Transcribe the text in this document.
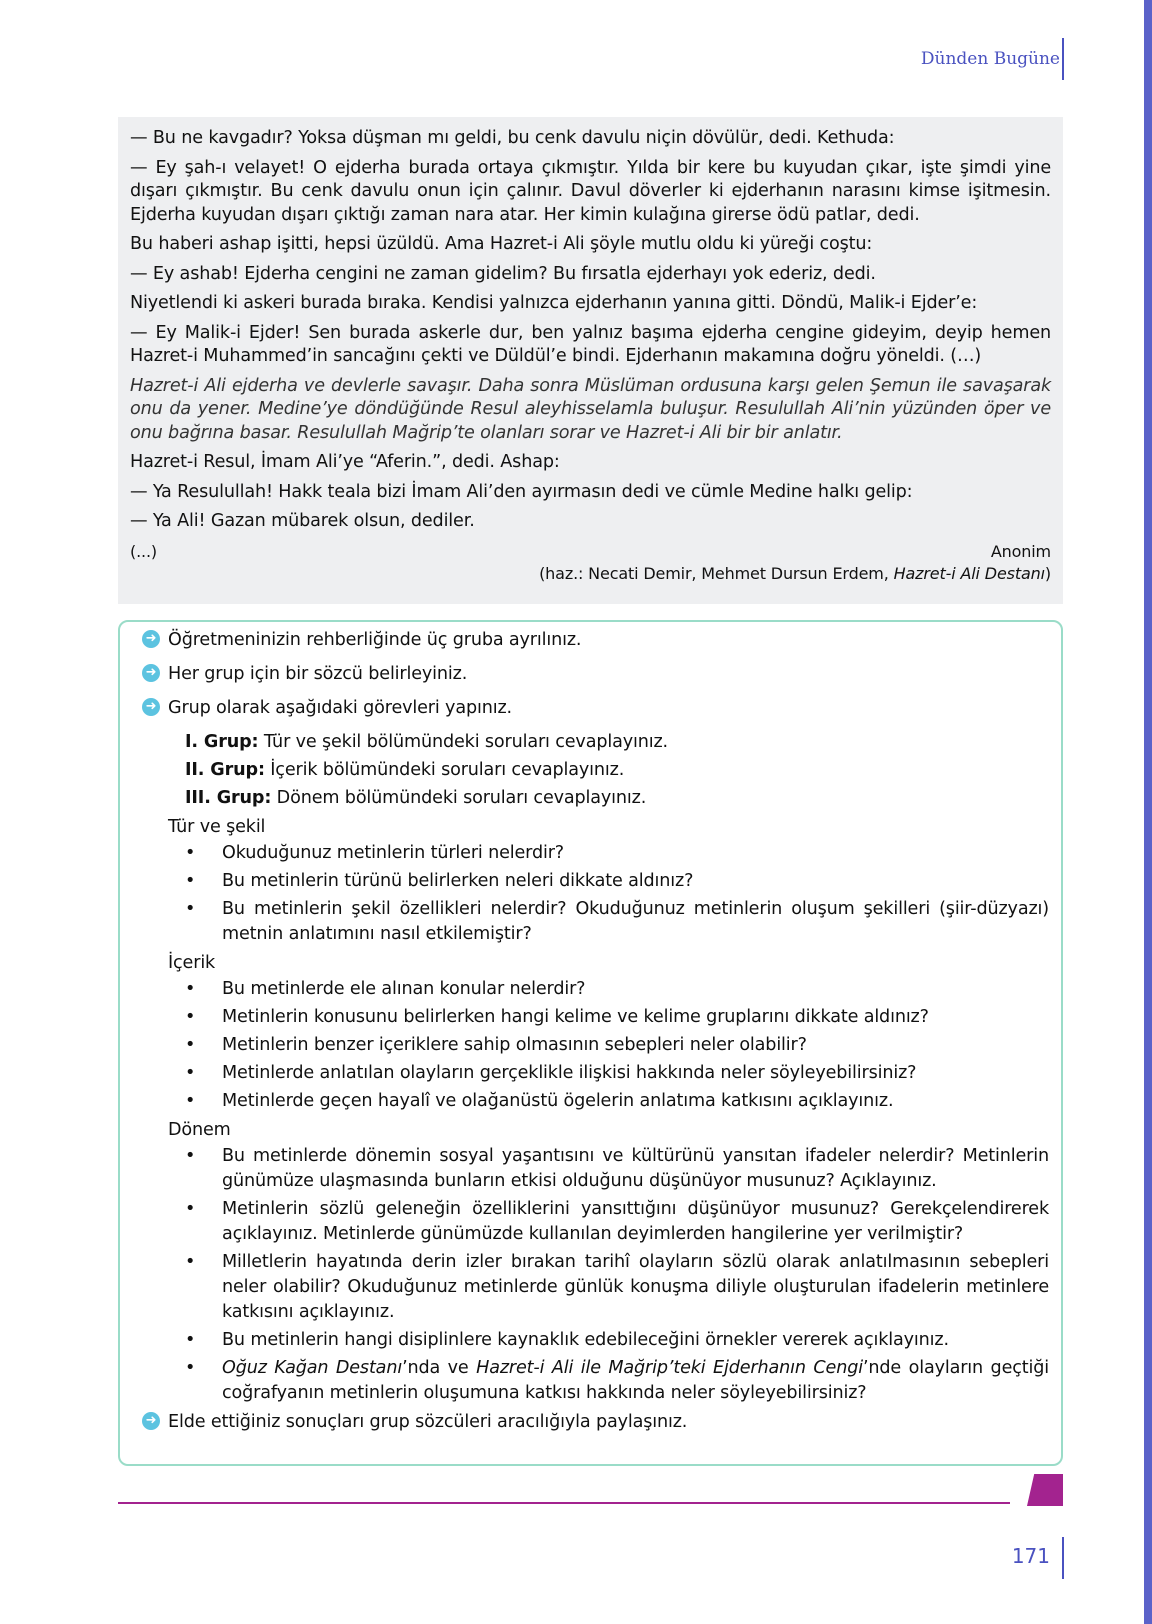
Dünden Bugüne

— Bu ne kavgadır? Yoksa düşman mı geldi, bu cenk davulu niçin dövülür, dedi. Kethuda:

— Ey şah-ı velayet! O ejderha burada ortaya çıkmıştır. Yılda bir kere bu kuyudan çıkar, işte şimdi yine dışarı çıkmıştır. Bu cenk davulu onun için çalınır. Davul döverler ki ejderhanın narasını kimse işitmesin. Ejderha kuyudan dışarı çıktığı zaman nara atar. Her kimin kulağına girerse ödü patlar, dedi.

Bu haberi ashap işitti, hepsi üzüldü. Ama Hazret-i Ali şöyle mutlu oldu ki yüreği coştu:

— Ey ashab! Ejderha cengini ne zaman gidelim? Bu fırsatla ejderhayı yok ederiz, dedi.

Niyetlendi ki askeri burada bıraka. Kendisi yalnızca ejderhanın yanına gitti. Döndü, Malik-i Ejder’e:

— Ey Malik-i Ejder! Sen burada askerle dur, ben yalnız başıma ejderha cengine gideyim, deyip hemen Hazret-i Muhammed’in sancağını çekti ve Düldül’e bindi. Ejderhanın makamına doğru yöneldi. (…)

Hazret-i Ali ejderha ve devlerle savaşır. Daha sonra Müslüman ordusuna karşı gelen Şemun ile savaşarak onu da yener. Medine’ye döndüğünde Resul aleyhisselamla buluşur. Resulullah Ali’nin yüzünden öper ve onu bağrına basar. Resulullah Mağrip’te olanları sorar ve Hazret-i Ali bir bir anlatır.

Hazret-i Resul, İmam Ali’ye “Aferin.”, dedi. Ashap:

— Ya Resulullah! Hakk teala bizi İmam Ali’den ayırmasın dedi ve cümle Medine halkı gelip:

— Ya Ali! Gazan mübarek olsun, dediler.

(...)	Anonim
(haz.: Necati Demir, Mehmet Dursun Erdem, Hazret-i Ali Destanı)
➜ Öğretmeninizin rehberliğinde üç gruba ayrılınız.
➜ Her grup için bir sözcü belirleyiniz.
➜ Grup olarak aşağıdaki görevleri yapınız.
I. Grup: Tür ve şekil bölümündeki soruları cevaplayınız.
II. Grup: İçerik bölümündeki soruları cevaplayınız.
III. Grup: Dönem bölümündeki soruları cevaplayınız.
Tür ve şekil
• Okuduğunuz metinlerin türleri nelerdir?
• Bu metinlerin türünü belirlerken neleri dikkate aldınız?
• Bu metinlerin şekil özellikleri nelerdir? Okuduğunuz metinlerin oluşum şekilleri (şiir-düzyazı) metnin anlatımını nasıl etkilemiştir?
İçerik
• Bu metinlerde ele alınan konular nelerdir?
• Metinlerin konusunu belirlerken hangi kelime ve kelime gruplarını dikkate aldınız?
• Metinlerin benzer içeriklere sahip olmasının sebepleri neler olabilir?
• Metinlerde anlatılan olayların gerçeklikle ilişkisi hakkında neler söyleyebilirsiniz?
• Metinlerde geçen hayalî ve olağanüstü ögelerin anlatıma katkısını açıklayınız.
Dönem
• Bu metinlerde dönemin sosyal yaşantısını ve kültürünü yansıtan ifadeler nelerdir? Metinlerin günümüze ulaşmasında bunların etkisi olduğunu düşünüyor musunuz? Açıklayınız.
• Metinlerin sözlü geleneğin özelliklerini yansıttığını düşünüyor musunuz? Gerekçelendirerek açıklayınız. Metinlerde günümüzde kullanılan deyimlerden hangilerine yer verilmiştir?
• Milletlerin hayatında derin izler bırakan tarihî olayların sözlü olarak anlatılmasının sebepleri neler olabilir? Okuduğunuz metinlerde günlük konuşma diliyle oluşturulan ifadelerin metinlere katkısını açıklayınız.
• Bu metinlerin hangi disiplinlere kaynaklık edebileceğini örnekler vererek açıklayınız.
• Oğuz Kağan Destanı’nda ve Hazret-i Ali ile Mağrip’teki Ejderhanın Cengi’nde olayların geçtiği coğrafyanın metinlerin oluşumuna katkısı hakkında neler söyleyebilirsiniz?
➜ Elde ettiğiniz sonuçları grup sözcüleri aracılığıyla paylaşınız.
171
